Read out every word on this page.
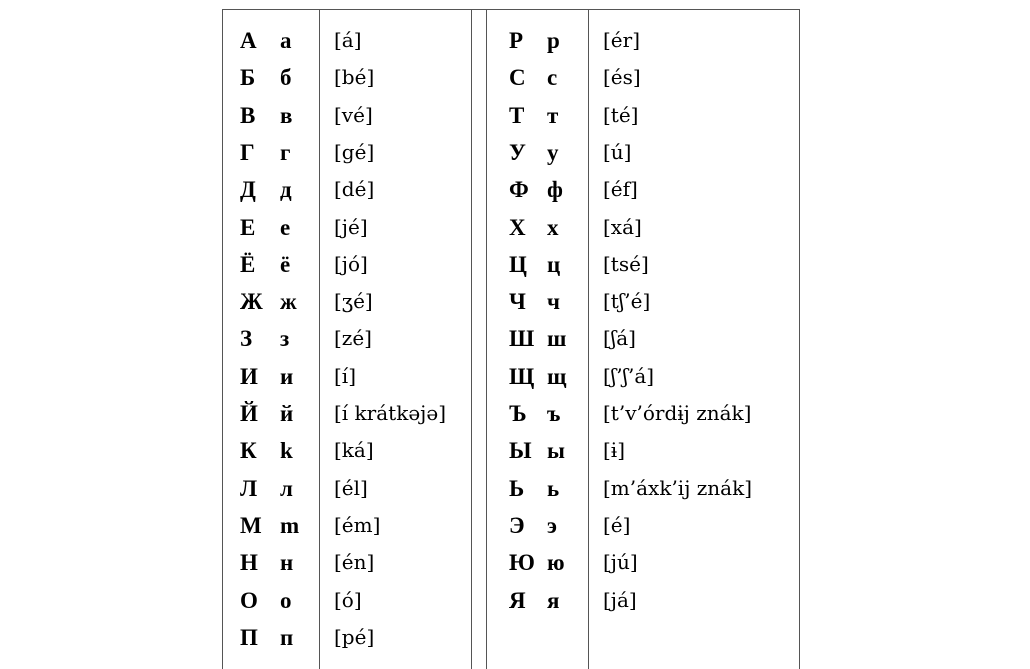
А а [á]
Б б [bé]
В в [vé]
Г г [gé]
Д д [dé]
Е е [jé]
Ё ё [jó]
Ж ж [ʒé]
З з [zé]
И и [í]
Й й [í krátkəjə]
К k [ká]
Л л [él]
М m [ém]
Н н [én]
О о [ó]
П п [pé]
Р р [ér]
С с [és]
Т т [té]
У у [ú]
Ф ф [éf]
Х х [xá]
Ц ц [tsé]
Ч ч [tʃ’é]
Ш ш [ʃá]
Щ щ [ʃ’ʃ’á]
Ъ ъ [t’v’órdɨj znák]
Ы ы [ɨ]
Ь ь [m’áxk’ij znák]
Э э [é]
Ю ю [jú]
Я я [já]
